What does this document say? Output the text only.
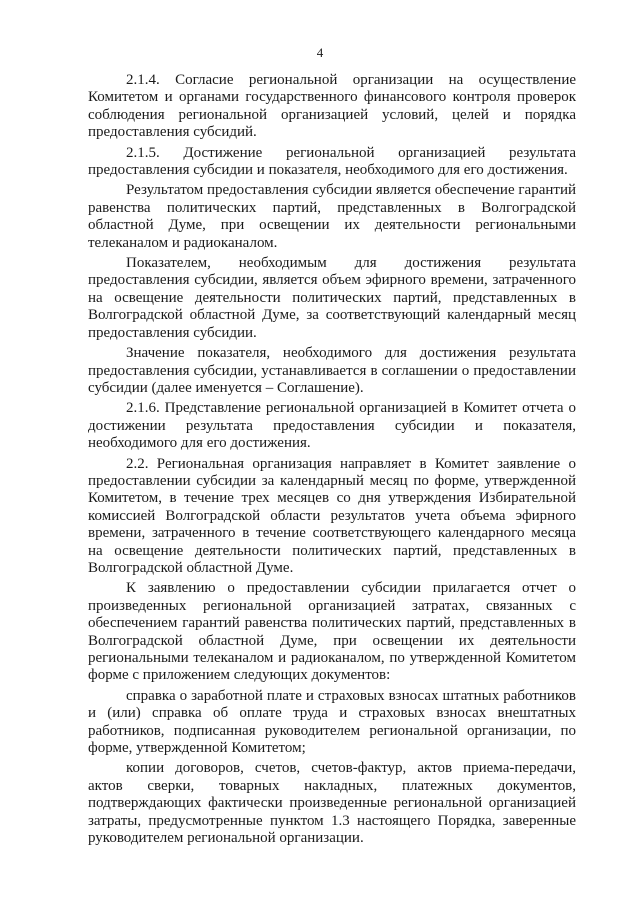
4

2.1.4. Согласие региональной организации на осуществление Комитетом и органами государственного финансового контроля проверок соблюдения региональной организацией условий, целей и порядка предоставления субсидий.

2.1.5. Достижение региональной организацией результата предоставления субсидии и показателя, необходимого для его достижения.

Результатом предоставления субсидии является обеспечение гарантий равенства политических партий, представленных в Волгоградской областной Думе, при освещении их деятельности региональными телеканалом и радиоканалом.

Показателем, необходимым для достижения результата предоставления субсидии, является объем эфирного времени, затраченного на освещение деятельности политических партий, представленных в Волгоградской областной Думе, за соответствующий календарный месяц предоставления субсидии.

Значение показателя, необходимого для достижения результата предоставления субсидии, устанавливается в соглашении о предоставлении субсидии (далее именуется – Соглашение).

2.1.6. Представление региональной организацией в Комитет отчета о достижении результата предоставления субсидии и показателя, необходимого для его достижения.

2.2. Региональная организация направляет в Комитет заявление о предоставлении субсидии за календарный месяц по форме, утвержденной Комитетом, в течение трех месяцев со дня утверждения Избирательной комиссией Волгоградской области результатов учета объема эфирного времени, затраченного в течение соответствующего календарного месяца на освещение деятельности политических партий, представленных в Волгоградской областной Думе.

К заявлению о предоставлении субсидии прилагается отчет о произведенных региональной организацией затратах, связанных с обеспечением гарантий равенства политических партий, представленных в Волгоградской областной Думе, при освещении их деятельности региональными телеканалом и радиоканалом, по утвержденной Комитетом форме с приложением следующих документов:

справка о заработной плате и страховых взносах штатных работников и (или) справка об оплате труда и страховых взносах внештатных работников, подписанная руководителем региональной организации, по форме, утвержденной Комитетом;

копии договоров, счетов, счетов-фактур, актов приема-передачи, актов сверки, товарных накладных, платежных документов, подтверждающих фактически произведенные региональной организацией затраты, предусмотренные пунктом 1.3 настоящего Порядка, заверенные руководителем региональной организации.
